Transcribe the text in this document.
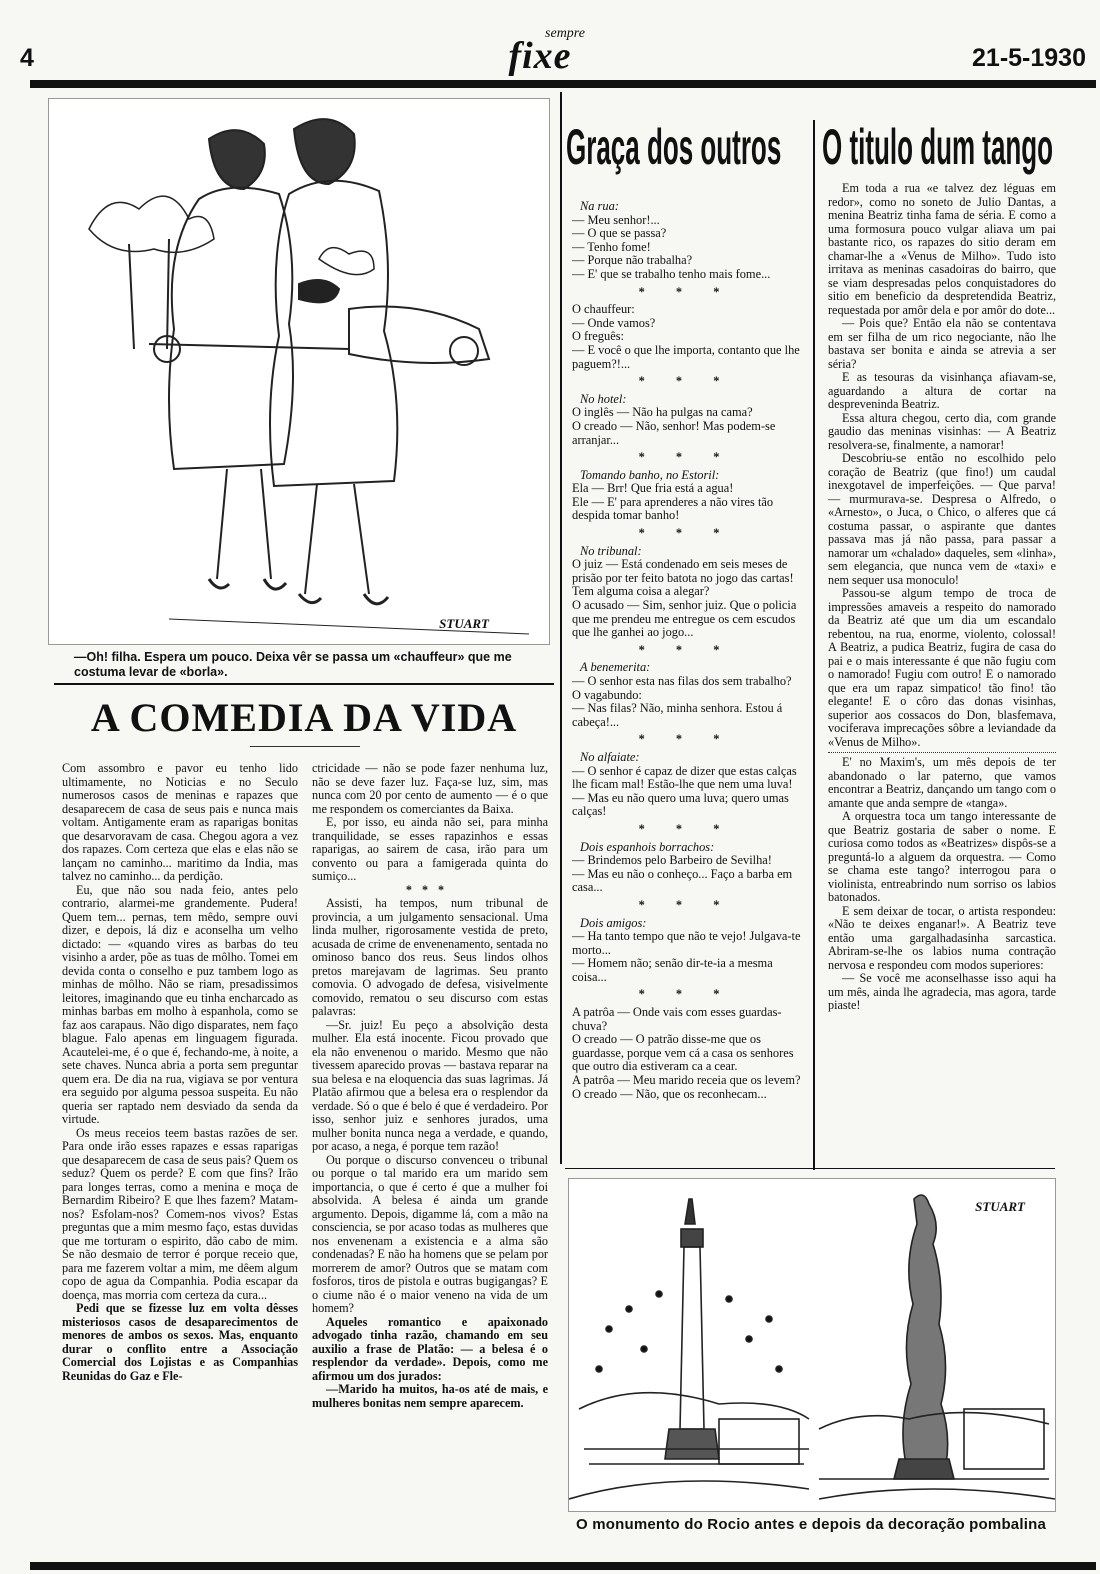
4
sempre
fixe	21-5-1930
STUART
—Oh! filha. Espera um pouco. Deixa vêr se passa um «chauffeur» que me costuma levar de «borla».
A COMEDIA DA VIDA

Com assombro e pavor eu tenho lido ultimamente, no Noticias e no Seculo numerosos casos de meninas e rapazes que desaparecem de casa de seus pais e nunca mais voltam. Antigamente eram as raparigas bonitas que desarvoravam de casa. Chegou agora a vez dos rapazes. Com certeza que elas e elas não se lançam no caminho... maritimo da India, mas talvez no caminho... da perdição.

Eu, que não sou nada feio, antes pelo contrario, alarmei-me grandemente. Pudera! Quem tem... pernas, tem mêdo, sempre ouvi dizer, e depois, lá diz e aconselha um velho dictado: — «quando vires as barbas do teu visinho a arder, põe as tuas de môlho. Tomei em devida conta o conselho e puz tambem logo as minhas de môlho. Não se riam, presadissimos leitores, imaginando que eu tinha encharcado as minhas barbas em molho à espanhola, como se faz aos carapaus. Não digo disparates, nem faço blague. Falo apenas em linguagem figurada. Acautelei-me, é o que é, fechando-me, à noite, a sete chaves. Nunca abria a porta sem preguntar quem era. De dia na rua, vigiava se por ventura era seguido por alguma pessoa suspeita. Eu não queria ser raptado nem desviado da senda da virtude.

Os meus receios teem bastas razões de ser. Para onde irão esses rapazes e essas raparigas que desaparecem de casa de seus pais? Quem os seduz? Quem os perde? E com que fins? Irão para longes terras, como a menina e moça de Bernardim Ribeiro? E que lhes fazem? Matam-nos? Esfolam-nos? Comem-nos vivos? Estas preguntas que a mim mesmo faço, estas duvidas que me torturam o espirito, dão cabo de mim. Se não desmaio de terror é porque receio que, para me fazerem voltar a mim, me dêem algum copo de agua da Companhia. Podia escapar da doença, mas morria com certeza da cura...

Pedi que se fizesse luz em volta dêsses misteriosos casos de desaparecimentos de menores de ambos os sexos. Mas, enquanto durar o conflito entre a Associação Comercial dos Lojistas e as Companhias Reunidas do Gaz e Fle-

ctricidade — não se pode fazer nenhuma luz, não se deve fazer luz. Faça-se luz, sim, mas nunca com 20 por cento de aumento — é o que me respondem os comerciantes da Baixa.

E, por isso, eu ainda não sei, para minha tranquilidade, se esses rapazinhos e essas raparigas, ao sairem de casa, irão para um convento ou para a famigerada quinta do sumiço...

***

Assisti, ha tempos, num tribunal de provincia, a um julgamento sensacional. Uma linda mulher, rigorosamente vestida de preto, acusada de crime de envenenamento, sentada no ominoso banco dos reus. Seus lindos olhos pretos marejavam de lagrimas. Seu pranto comovia. O advogado de defesa, visivelmente comovido, rematou o seu discurso com estas palavras:

—Sr. juiz! Eu peço a absolvição desta mulher. Ela está inocente. Ficou provado que ela não envenenou o marido. Mesmo que não tivessem aparecido provas — bastava reparar na sua belesa e na eloquencia das suas lagrimas. Já Platão afirmou que a belesa era o resplendor da verdade. Só o que é belo é que é verdadeiro. Por isso, senhor juiz e senhores jurados, uma mulher bonita nunca nega a verdade, e quando, por acaso, a nega, é porque tem razão!

Ou porque o discurso convenceu o tribunal ou porque o tal marido era um marido sem importancia, o que é certo é que a mulher foi absolvida. A belesa é ainda um grande argumento. Depois, digamme lá, com a mão na consciencia, se por acaso todas as mulheres que nos envenenam a existencia e a alma são condenadas? E não ha homens que se pelam por morrerem de amor? Outros que se matam com fosforos, tiros de pistola e outras bugigangas? E o ciume não é o maior veneno na vida de um homem?

Aqueles romantico e apaixonado advogado tinha razão, chamando em seu auxilio a frase de Platão: — a belesa é o resplendor da verdade». Depois, como me afirmou um dos jurados:

—Marido ha muitos, ha-os até de mais, e mulheres bonitas nem sempre aparecem.

Graça dos outros
Na rua:
— Meu senhor!...
— O que se passa?
— Tenho fome!
— Porque não trabalha?
— E' que se trabalho tenho mais fome...
* * *
O chauffeur:
— Onde vamos?
O freguês:
— E você o que lhe importa, contanto que lhe paguem?!...
* * *
No hotel:
O inglês — Não ha pulgas na cama?
O creado — Não, senhor! Mas podem-se arranjar...
* * *
Tomando banho, no Estoril:
Ela — Brr! Que fria está a agua!
Ele — E' para aprenderes a não vires tão despida tomar banho!
* * *
No tribunal:
O juiz — Está condenado em seis meses de prisão por ter feito batota no jogo das cartas! Tem alguma coisa a alegar?
O acusado — Sim, senhor juiz. Que o policia que me prendeu me entregue os cem escudos que lhe ganhei ao jogo...
* * *
A benemerita:
— O senhor esta nas filas dos sem trabalho?
O vagabundo:
— Nas filas? Não, minha senhora. Estou á cabeça!...
* * *
No alfaiate:
— O senhor é capaz de dizer que estas calças lhe ficam mal! Estão-lhe que nem uma luva!
— Mas eu não quero uma luva; quero umas calças!
* * *
Dois espanhois borrachos:
— Brindemos pelo Barbeiro de Sevilha!
— Mas eu não o conheço... Faço a barba em casa...
* * *
Dois amigos:
— Ha tanto tempo que não te vejo! Julgava-te morto...
— Homem não; senão dir-te-ia a mesma coisa...
* * *
A patrôa — Onde vais com esses guardas-chuva?
O creado — O patrão disse-me que os guardasse, porque vem cá a casa os senhores que outro dia estiveram ca a cear.
A patrôa — Meu marido receia que os levem?
O creado — Não, que os reconhecam...
O titulo dum tango

Em toda a rua «e talvez dez léguas em redor», como no soneto de Julio Dantas, a menina Beatriz tinha fama de séria. E como a uma formosura pouco vulgar aliava um pai bastante rico, os rapazes do sitio deram em chamar-lhe a «Venus de Milho». Tudo isto irritava as meninas casadoiras do bairro, que se viam despresadas pelos conquistadores do sitio em beneficio da despretendida Beatriz, requestada por amôr dela e por amôr do dote...

— Pois que? Então ela não se contentava em ser filha de um rico negociante, não lhe bastava ser bonita e ainda se atrevia a ser séria?

E as tesouras da visinhança afiavam-se, aguardando a altura de cortar na despreveninda Beatriz.

Essa altura chegou, certo dia, com grande gaudio das meninas visinhas: — A Beatriz resolvera-se, finalmente, a namorar!

Descobriu-se então no escolhido pelo coração de Beatriz (que fino!) um caudal inexgotavel de imperfeições. — Que parva! — murmurava-se. Despresa o Alfredo, o «Arnesto», o Juca, o Chico, o alferes que cá costuma passar, o aspirante que dantes passava mas já não passa, para passar a namorar um «chalado» daqueles, sem «linha», sem elegancia, que nunca vem de «taxi» e nem sequer usa monoculo!

Passou-se algum tempo de troca de impressões amaveis a respeito do namorado da Beatriz até que um dia um escandalo rebentou, na rua, enorme, violento, colossal! A Beatriz, a pudica Beatriz, fugira de casa do pai e o mais interessante é que não fugiu com o namorado! Fugiu com outro! E o namorado que era um rapaz simpatico! tão fino! tão elegante! E o côro das donas visinhas, superior aos cossacos do Don, blasfemava, vociferava imprecações sôbre a leviandade da «Venus de Milho».

E' no Maxim's, um mês depois de ter abandonado o lar paterno, que vamos encontrar a Beatriz, dançando um tango com o amante que anda sempre de «tanga».

A orquestra toca um tango interessante de que Beatriz gostaria de saber o nome. E curiosa como todos as «Beatrizes» dispôs-se a preguntá-lo a alguem da orquestra. — Como se chama este tango? interrogou para o violinista, entreabrindo num sorriso os labios batonados.

E sem deixar de tocar, o artista respondeu: «Não te deixes enganar!». A Beatriz teve então uma gargalhadasinha sarcastica. Abriram-se-lhe os labios numa contração nervosa e respondeu com modos superiores:

— Se você me aconselhasse isso aqui ha um mês, ainda lhe agradecia, mas agora, tarde piaste!

STUART
O monumento do Rocio antes e depois da decoração pombalina
